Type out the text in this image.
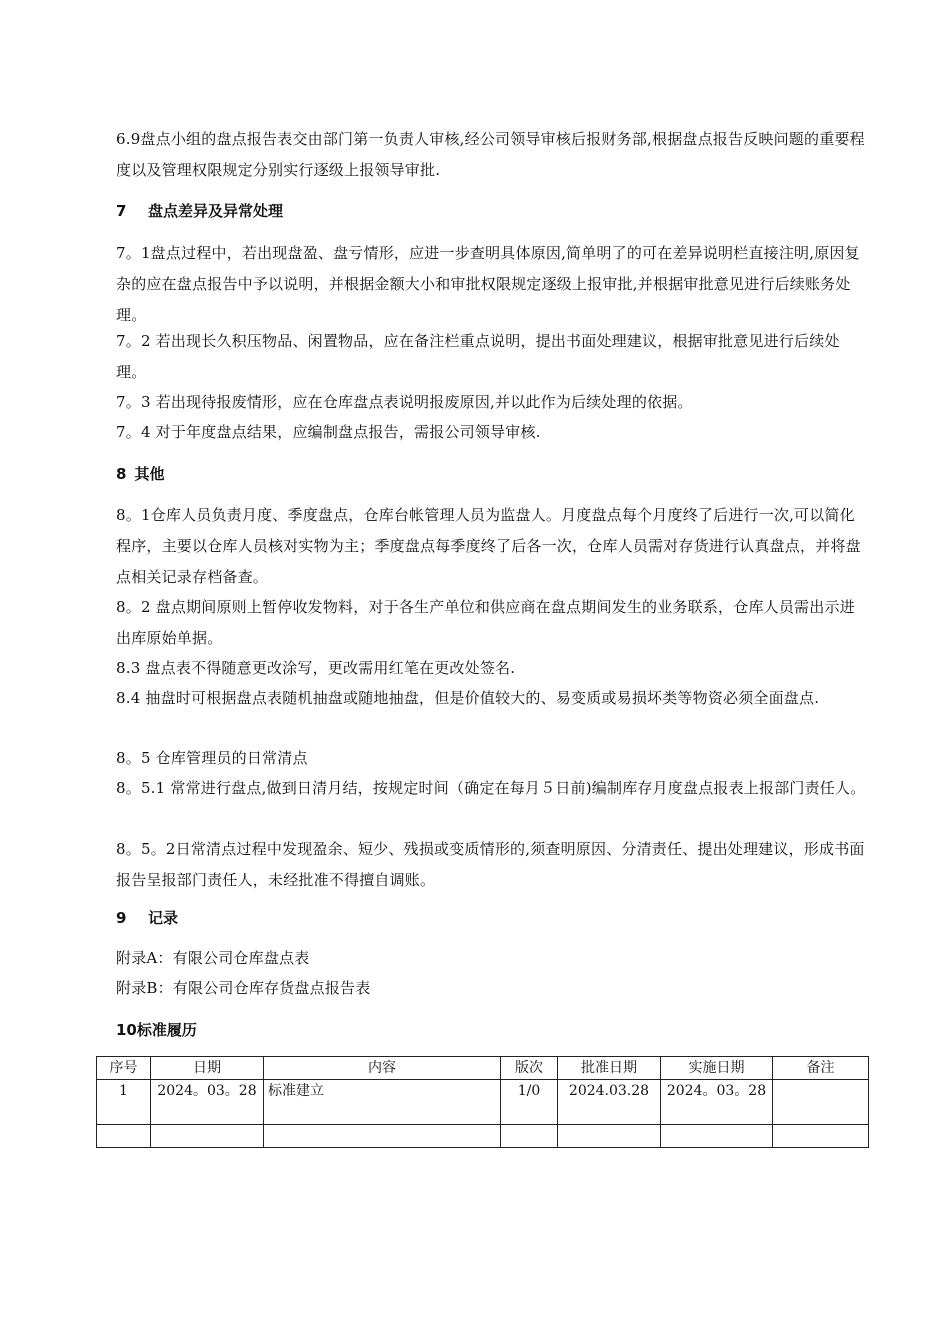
6.9盘点小组的盘点报告表交由部门第一负责人审核,经公司领导审核后报财务部,根据盘点报告反映问题的重要程度以及管理权限规定分别实行逐级上报领导审批.

7 盘点差异及异常处理

7。1盘点过程中，若出现盘盈、盘亏情形，应进一步查明具体原因,简单明了的可在差异说明栏直接注明,原因复杂的应在盘点报告中予以说明，并根据金额大小和审批权限规定逐级上报审批,并根据审批意见进行后续账务处理。

7。2 若出现长久积压物品、闲置物品，应在备注栏重点说明，提出书面处理建议，根据审批意见进行后续处理。

7。3 若出现待报废情形，应在仓库盘点表说明报废原因,并以此作为后续处理的依据。

7。4 对于年度盘点结果，应编制盘点报告，需报公司领导审核.

8 其他

8。1仓库人员负责月度、季度盘点，仓库台帐管理人员为监盘人。月度盘点每个月度终了后进行一次,可以简化程序，主要以仓库人员核对实物为主；季度盘点每季度终了后各一次，仓库人员需对存货进行认真盘点，并将盘点相关记录存档备查。

8。2 盘点期间原则上暂停收发物料，对于各生产单位和供应商在盘点期间发生的业务联系，仓库人员需出示进出库原始单据。

8.3 盘点表不得随意更改涂写，更改需用红笔在更改处签名.

8.4 抽盘时可根据盘点表随机抽盘或随地抽盘，但是价值较大的、易变质或易损坏类等物资必须全面盘点.

8。5 仓库管理员的日常清点

8。5.1 常常进行盘点,做到日清月结，按规定时间（确定在每月５日前)编制库存月度盘点报表上报部门责任人。

8。5。2日常清点过程中发现盈余、短少、残损或变质情形的,须查明原因、分清责任、提出处理建议，形成书面报告呈报部门责任人，未经批准不得擅自调账。

9 记录

附录A：有限公司仓库盘点表

附录B：有限公司仓库存货盘点报告表

10标准履历
序号	日期	内容	版次	批准日期	实施日期	备注
1	2024。03。28	标准建立	1/0	2024.03.28	2024。03。28	
